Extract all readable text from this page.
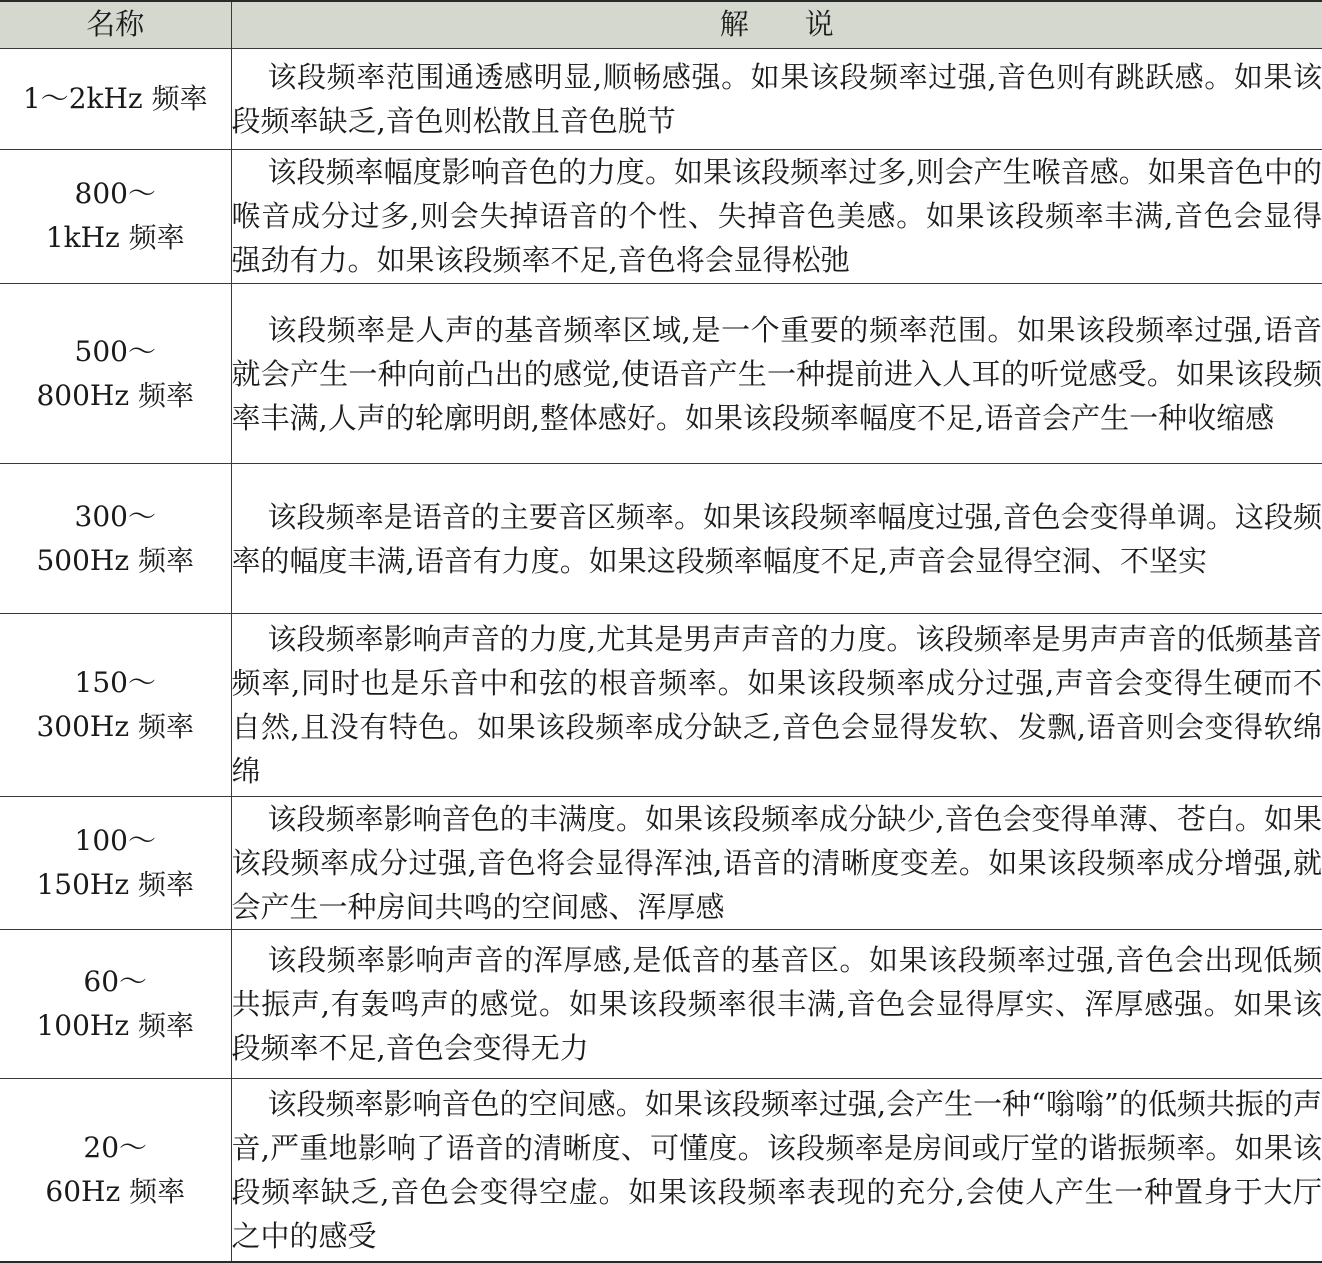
名称	解说

1～2kHz 频率	该段频率范围通透感明显,顺畅感强。如果该段频率过强,音色则有跳跃感。如果该段频率缺乏,音色则松散且音色脱节

800～
1kHz 频率	该段频率幅度影响音色的力度。如果该段频率过多,则会产生喉音感。如果音色中的喉音成分过多,则会失掉语音的个性、失掉音色美感。如果该段频率丰满,音色会显得强劲有力。如果该段频率不足,音色将会显得松弛

500～
800Hz 频率	该段频率是人声的基音频率区域,是一个重要的频率范围。如果该段频率过强,语音就会产生一种向前凸出的感觉,使语音产生一种提前进入人耳的听觉感受。如果该段频率丰满,人声的轮廓明朗,整体感好。如果该段频率幅度不足,语音会产生一种收缩感

300～
500Hz 频率	该段频率是语音的主要音区频率。如果该段频率幅度过强,音色会变得单调。这段频率的幅度丰满,语音有力度。如果这段频率幅度不足,声音会显得空洞、不坚实

150～
300Hz 频率	该段频率影响声音的力度,尤其是男声声音的力度。该段频率是男声声音的低频基音频率,同时也是乐音中和弦的根音频率。如果该段频率成分过强,声音会变得生硬而不自然,且没有特色。如果该段频率成分缺乏,音色会显得发软、发飘,语音则会变得软绵绵

100～
150Hz 频率	该段频率影响音色的丰满度。如果该段频率成分缺少,音色会变得单薄、苍白。如果该段频率成分过强,音色将会显得浑浊,语音的清晰度变差。如果该段频率成分增强,就会产生一种房间共鸣的空间感、浑厚感

60～
100Hz 频率	该段频率影响声音的浑厚感,是低音的基音区。如果该段频率过强,音色会出现低频共振声,有轰鸣声的感觉。如果该段频率很丰满,音色会显得厚实、浑厚感强。如果该段频率不足,音色会变得无力

20～
60Hz 频率	该段频率影响音色的空间感。如果该段频率过强,会产生一种“嗡嗡”的低频共振的声音,严重地影响了语音的清晰度、可懂度。该段频率是房间或厅堂的谐振频率。如果该段频率缺乏,音色会变得空虚。如果该段频率表现的充分,会使人产生一种置身于大厅之中的感受
